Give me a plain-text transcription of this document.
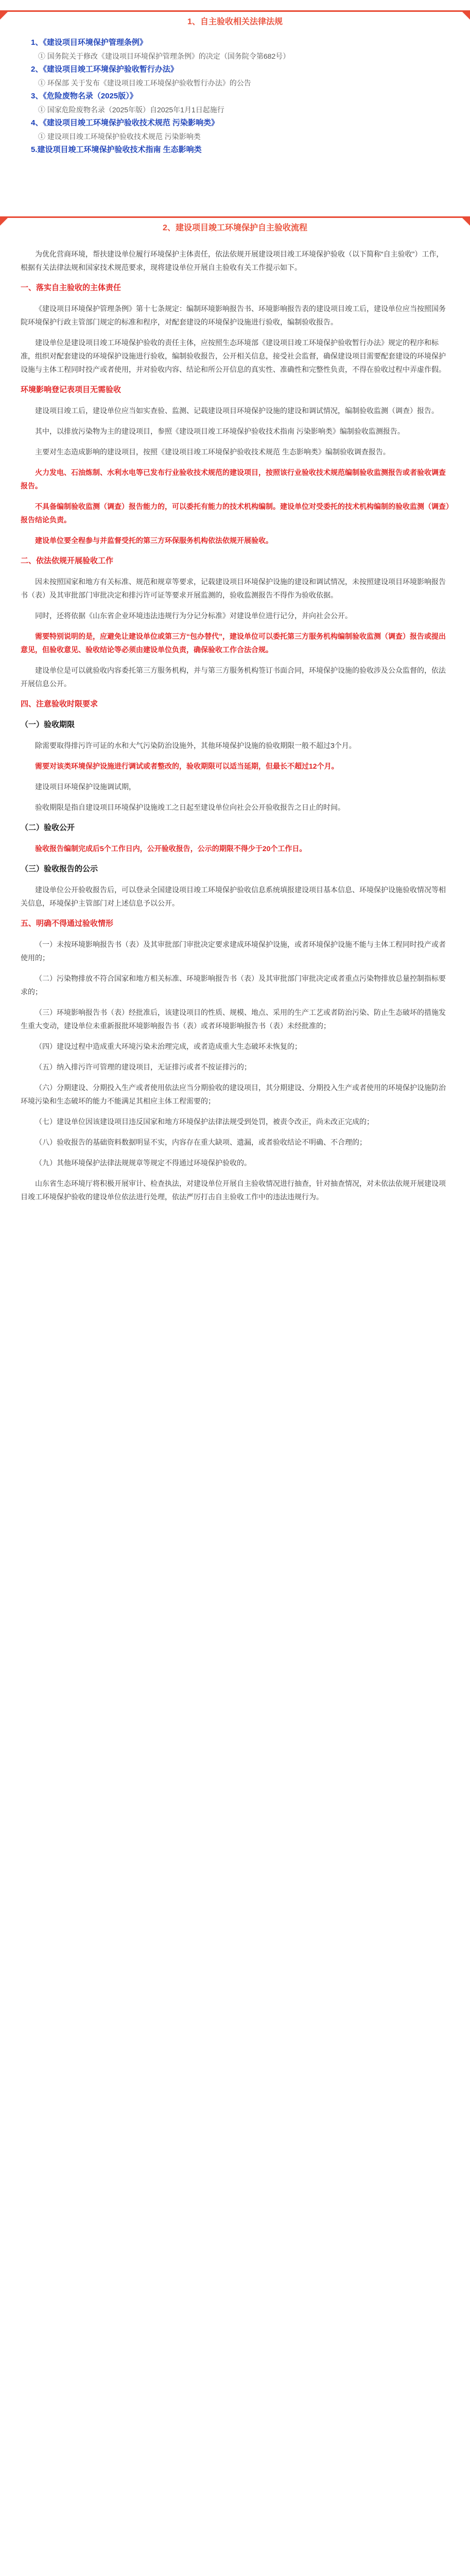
1、自主验收相关法律法规
1、《建设项目环境保护管理条例》
① 国务院关于修改《建设项目环境保护管理条例》的决定（国务院令第682号）
2、《建设项目竣工环境保护验收暂行办法》
① 环保部 关于发布《建设项目竣工环境保护验收暂行办法》的公告
3、《危险废物名录（2025版）》
① 国家危险废物名录（2025年版）自2025年1月1日起施行
4、《建设项目竣工环境保护验收技术规范 污染影响类》
① 建设项目竣工环境保护验收技术规范 污染影响类
5.建设项目竣工环境保护验收技术指南 生态影响类
2、建设项目竣工环境保护自主验收流程

为优化营商环境，帮扶建设单位履行环境保护主体责任，依法依规开展建设项目竣工环境保护验收（以下简称“自主验收”）工作，根据有关法律法规和国家技术规范要求，现将建设单位开展自主验收有关工作提示如下。

一、落实自主验收的主体责任

《建设项目环境保护管理条例》第十七条规定：编制环境影响报告书、环境影响报告表的建设项目竣工后，建设单位应当按照国务院环境保护行政主管部门规定的标准和程序，对配套建设的环境保护设施进行验收，编制验收报告。

建设单位是建设项目竣工环境保护验收的责任主体，应按照生态环境部《建设项目竣工环境保护验收暂行办法》规定的程序和标准，组织对配套建设的环境保护设施进行验收，编制验收报告，公开相关信息，接受社会监督，确保建设项目需要配套建设的环境保护设施与主体工程同时投产或者使用，并对验收内容、结论和所公开信息的真实性、准确性和完整性负责，不得在验收过程中弄虚作假。

环境影响登记表项目无需验收

建设项目竣工后，建设单位应当如实查验、监测、记载建设项目环境保护设施的建设和调试情况，编制验收监测（调查）报告。

其中，以排放污染物为主的建设项目，参照《建设项目竣工环境保护验收技术指南 污染影响类》编制验收监测报告。

主要对生态造成影响的建设项目，按照《建设项目竣工环境保护验收技术规范 生态影响类》编制验收调查报告。

火力发电、石油炼制、水利水电等已发布行业验收技术规范的建设项目，按照该行业验收技术规范编制验收监测报告或者验收调查报告。

不具备编制验收监测（调查）报告能力的，可以委托有能力的技术机构编制。建设单位对受委托的技术机构编制的验收监测（调查）报告结论负责。

建设单位要全程参与并监督受托的第三方环保服务机构依法依规开展验收。

二、依法依规开展验收工作

因未按照国家和地方有关标准、规范和规章等要求，记载建设项目环境保护设施的建设和调试情况，未按照建设项目环境影响报告书（表）及其审批部门审批决定和排污许可证等要求开展监测的，验收监测报告不得作为验收依据。

同时，还将依据《山东省企业环境违法违规行为分记分标准》对建设单位进行记分，并向社会公开。

需要特别说明的是，应避免让建设单位或第三方“包办替代”，建设单位可以委托第三方服务机构编制验收监测（调查）报告或提出意见，但验收意见、验收结论等必须由建设单位负责，确保验收工作合法合规。

建设单位是可以就验收内容委托第三方服务机构，并与第三方服务机构签订书面合同，环境保护设施的验收涉及公众监督的，依法开展信息公开。

四、注意验收时限要求

（一）验收期限

除需要取得排污许可证的水和大气污染防治设施外，其他环境保护设施的验收期限一般不超过3个月。

需要对该类环境保护设施进行调试或者整改的，验收期限可以适当延期，但最长不超过12个月。

建设项目环境保护设施调试期，

验收期限是指自建设项目环境保护设施竣工之日起至建设单位向社会公开验收报告之日止的时间。

（二）验收公开

验收报告编制完成后5个工作日内，公开验收报告，公示的期限不得少于20个工作日。

（三）验收报告的公示

建设单位公开验收报告后，可以登录全国建设项目竣工环境保护验收信息系统填报建设项目基本信息、环境保护设施验收情况等相关信息，环境保护主管部门对上述信息予以公开。

五、明确不得通过验收情形

（一）未按环境影响报告书（表）及其审批部门审批决定要求建成环境保护设施，或者环境保护设施不能与主体工程同时投产或者使用的；

（二）污染物排放不符合国家和地方相关标准、环境影响报告书（表）及其审批部门审批决定或者重点污染物排放总量控制指标要求的；

（三）环境影响报告书（表）经批准后，该建设项目的性质、规模、地点、采用的生产工艺或者防治污染、防止生态破坏的措施发生重大变动，建设单位未重新报批环境影响报告书（表）或者环境影响报告书（表）未经批准的；

（四）建设过程中造成重大环境污染未治理完成，或者造成重大生态破坏未恢复的；

（五）纳入排污许可管理的建设项目，无证排污或者不按证排污的；

（六）分期建设、分期投入生产或者使用依法应当分期验收的建设项目，其分期建设、分期投入生产或者使用的环境保护设施防治环境污染和生态破坏的能力不能满足其相应主体工程需要的；

（七）建设单位因该建设项目违反国家和地方环境保护法律法规受到处罚，被责令改正，尚未改正完成的；

（八）验收报告的基础资料数据明显不实，内容存在重大缺项、遗漏，或者验收结论不明确、不合理的；

（九）其他环境保护法律法规规章等规定不得通过环境保护验收的。

山东省生态环境厅将积极开展审计、检查执法，对建设单位开展自主验收情况进行抽查，针对抽查情况，对未依法依规开展建设项目竣工环境保护验收的建设单位依法进行处理，依法严厉打击自主验收工作中的违法违规行为。
